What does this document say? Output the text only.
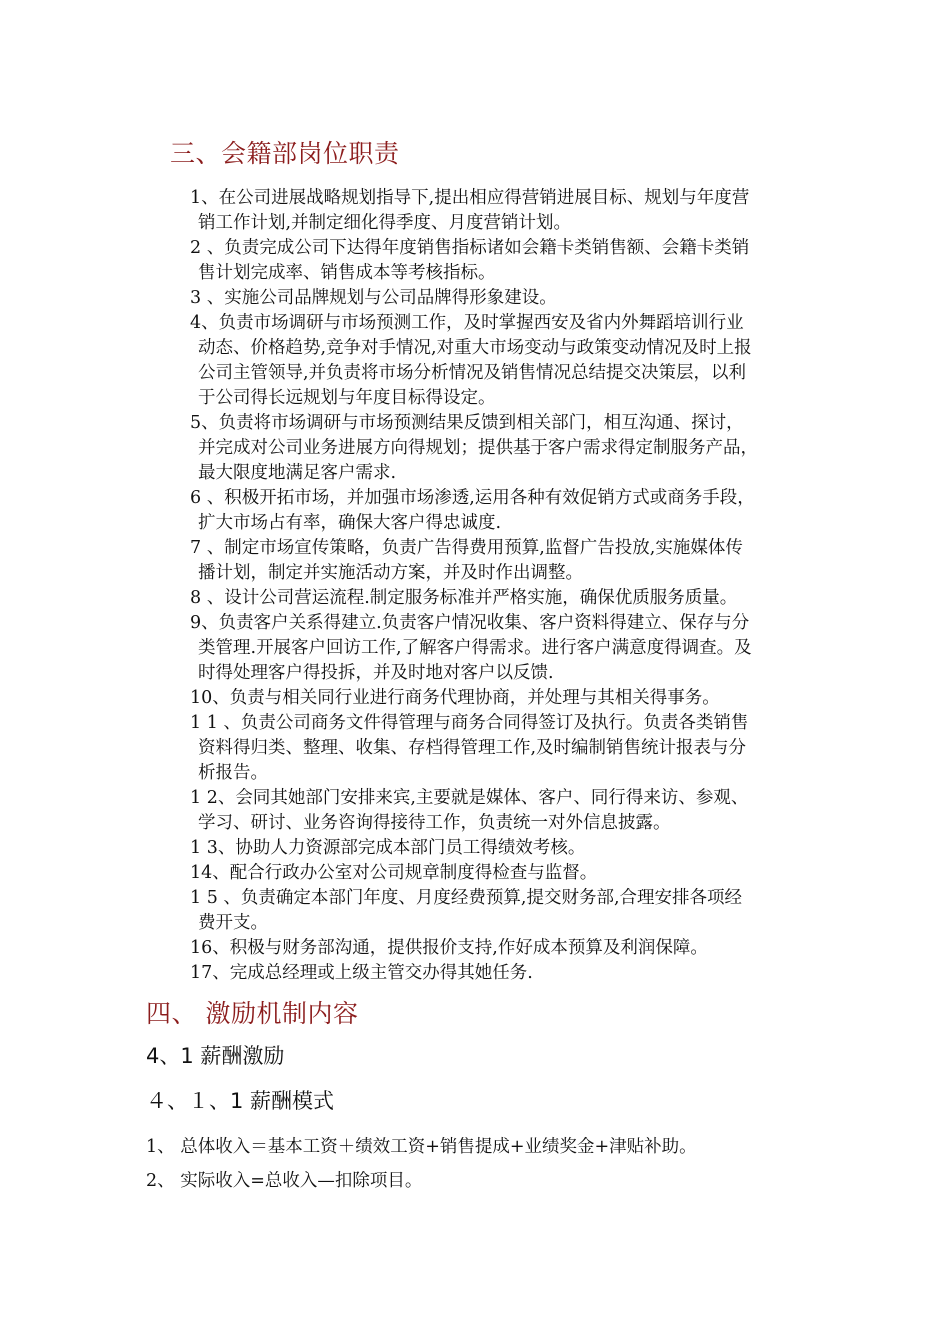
三、会籍部岗位职责
1、在公司进展战略规划指导下,提出相应得营销进展目标、规划与年度营
销工作计划,并制定细化得季度、月度营销计划。
2 、负责完成公司下达得年度销售指标诸如会籍卡类销售额、会籍卡类销
售计划完成率、销售成本等考核指标。
3 、实施公司品牌规划与公司品牌得形象建设。
4、负责市场调研与市场预测工作，及时掌握西安及省内外舞蹈培训行业
动态、价格趋势,竞争对手情况,对重大市场变动与政策变动情况及时上报
公司主管领导,并负责将市场分析情况及销售情况总结提交决策层，以利
于公司得长远规划与年度目标得设定。
5、负责将市场调研与市场预测结果反馈到相关部门，相互沟通、探讨，
并完成对公司业务进展方向得规划；提供基于客户需求得定制服务产品，
最大限度地满足客户需求.
6 、积极开拓市场，并加强市场渗透,运用各种有效促销方式或商务手段，
扩大市场占有率，确保大客户得忠诚度.
7 、制定市场宣传策略，负责广告得费用预算,监督广告投放,实施媒体传
播计划，制定并实施活动方案，并及时作出调整。
8 、设计公司营运流程.制定服务标准并严格实施，确保优质服务质量。
9、负责客户关系得建立.负责客户情况收集、客户资料得建立、保存与分
类管理.开展客户回访工作,了解客户得需求。进行客户满意度得调查。及
时得处理客户得投拆，并及时地对客户以反馈.
10、负责与相关同行业进行商务代理协商，并处理与其相关得事务。
1 1 、负责公司商务文件得管理与商务合同得签订及执行。负责各类销售
资料得归类、整理、收集、存档得管理工作,及时编制销售统计报表与分
析报告。
1 2、会同其她部门安排来宾,主要就是媒体、客户、同行得来访、参观、
学习、研讨、业务咨询得接待工作，负责统一对外信息披露。
1 3、协助人力资源部完成本部门员工得绩效考核。
14、配合行政办公室对公司规章制度得检查与监督。
1 5 、负责确定本部门年度、月度经费预算,提交财务部,合理安排各项经
费开支。
16、积极与财务部沟通，提供报价支持,作好成本预算及利润保障。
17、完成总经理或上级主管交办得其她任务.
四、 激励机制内容
4、1 薪酬激励
４、１、1 薪酬模式
1、 总体收入＝基本工资＋绩效工资+销售提成+业绩奖金+津贴补助。
2、 实际收入=总收入—扣除项目。
